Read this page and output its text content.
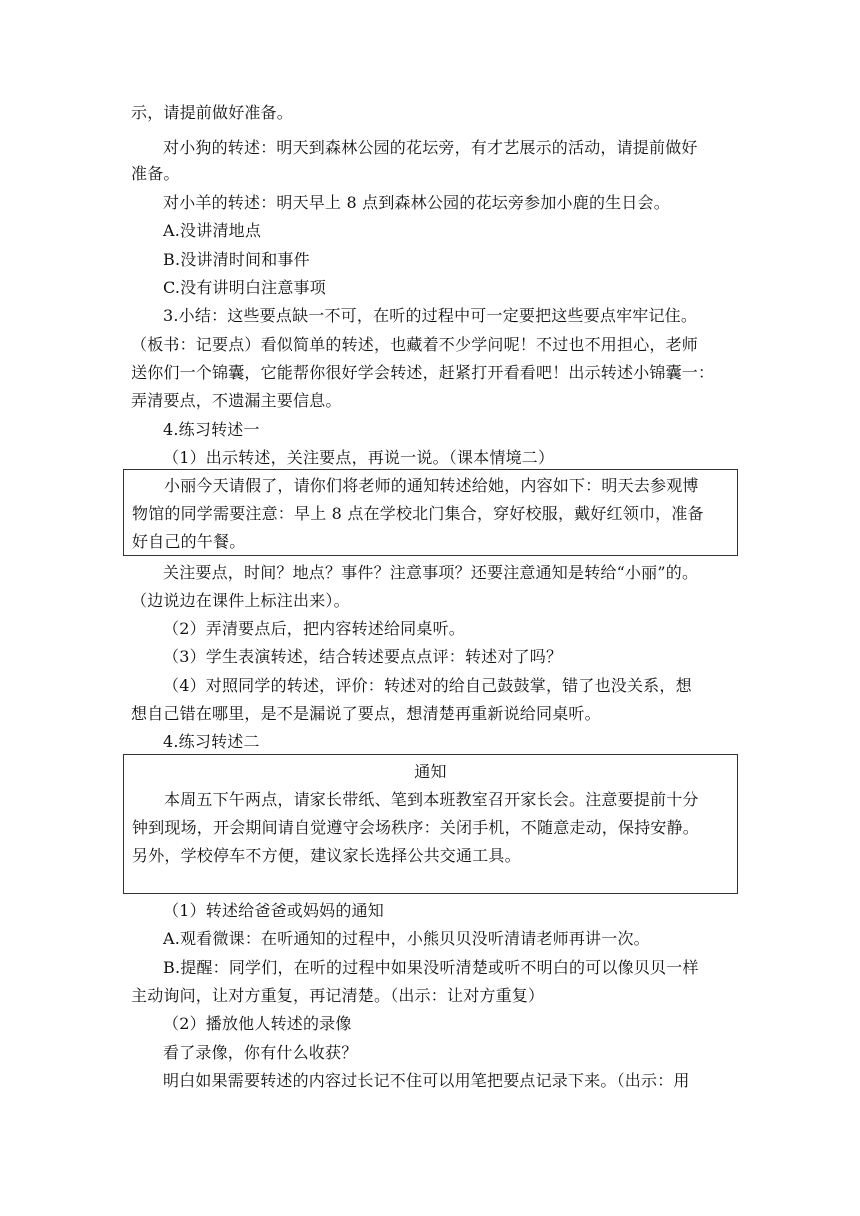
示，请提前做好准备。
对小狗的转述：明天到森林公园的花坛旁，有才艺展示的活动，请提前做好
准备。
对小羊的转述：明天早上 8 点到森林公园的花坛旁参加小鹿的生日会。
A.没讲清地点
B.没讲清时间和事件
C.没有讲明白注意事项
3.小结：这些要点缺一不可，在听的过程中可一定要把这些要点牢牢记住。
（板书：记要点）看似简单的转述，也藏着不少学问呢！不过也不用担心，老师
送你们一个锦囊，它能帮你很好学会转述，赶紧打开看看吧！出示转述小锦囊一：
弄清要点，不遗漏主要信息。
4.练习转述一
（1）出示转述，关注要点，再说一说。（课本情境二）
小丽今天请假了，请你们将老师的通知转述给她，内容如下：明天去参观博
物馆的同学需要注意：早上 8 点在学校北门集合，穿好校服，戴好红领巾，准备
好自己的午餐。
关注要点，时间？地点？事件？注意事项？还要注意通知是转给“小丽”的。
（边说边在课件上标注出来）。
（2）弄清要点后，把内容转述给同桌听。
（3）学生表演转述，结合转述要点点评：转述对了吗？
（4）对照同学的转述，评价：转述对的给自己鼓鼓掌，错了也没关系，想
想自己错在哪里，是不是漏说了要点，想清楚再重新说给同桌听。
4.练习转述二
通知
本周五下午两点，请家长带纸、笔到本班教室召开家长会。注意要提前十分
钟到现场，开会期间请自觉遵守会场秩序：关闭手机，不随意走动，保持安静。
另外，学校停车不方便，建议家长选择公共交通工具。
（1）转述给爸爸或妈妈的通知
A.观看微课：在听通知的过程中，小熊贝贝没听清请老师再讲一次。
B.提醒：同学们，在听的过程中如果没听清楚或听不明白的可以像贝贝一样
主动询问，让对方重复，再记清楚。（出示：让对方重复）
（2）播放他人转述的录像
看了录像，你有什么收获？
明白如果需要转述的内容过长记不住可以用笔把要点记录下来。（出示：用
